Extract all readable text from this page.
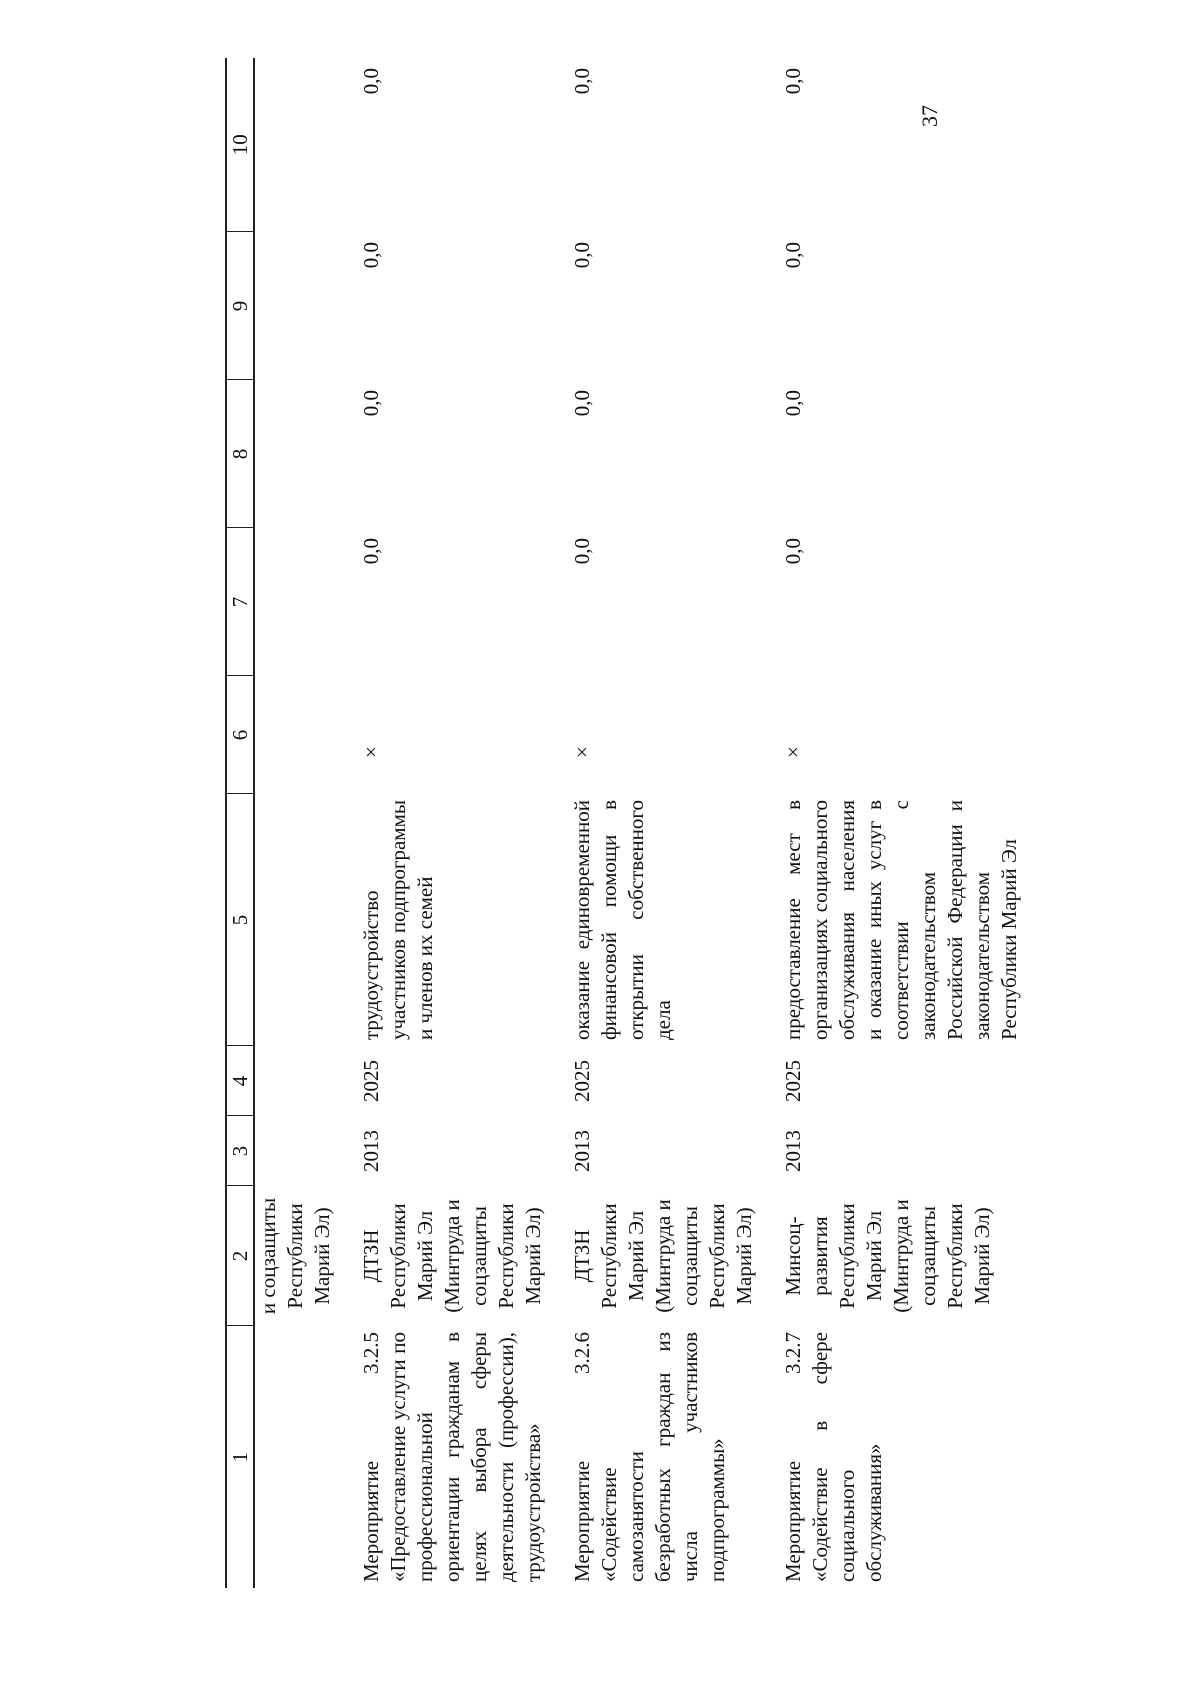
37
1	2	3	4	5	6	7	8	9	10
	и соцзащиты Республики Марий Эл)								

Мероприятие 3.2.5 «Предоставление услуги по профессиональной ориентации гражданам в целях выбора сферы деятельности (профессии), трудоустройства»	ДТЗН Республики Марий Эл (Минтруда и соцзащиты Республики Марий Эл)	2013	2025	трудоустройство участников подпрограммы и членов их семей	×	0,0	0,0	0,0	0,0

Мероприятие 3.2.6 «Содействие самозанятости безработных граждан из числа участников подпрограммы»	ДТЗН Республики Марий Эл (Минтруда и соцзащиты Республики Марий Эл)	2013	2025	оказание единовременной финансовой помощи в открытии собственного дела	×	0,0	0,0	0,0	0,0

Мероприятие 3.2.7 «Содействие в сфере социального обслуживания»	Минсоц- развития Республики Марий Эл (Минтруда и соцзащиты Республики Марий Эл)	2013	2025	предоставление мест в организациях социального обслуживания населения и оказание иных услуг в соответствии с законодательством Российской Федерации и законодательством Республики Марий Эл	×	0,0	0,0	0,0	0,0
